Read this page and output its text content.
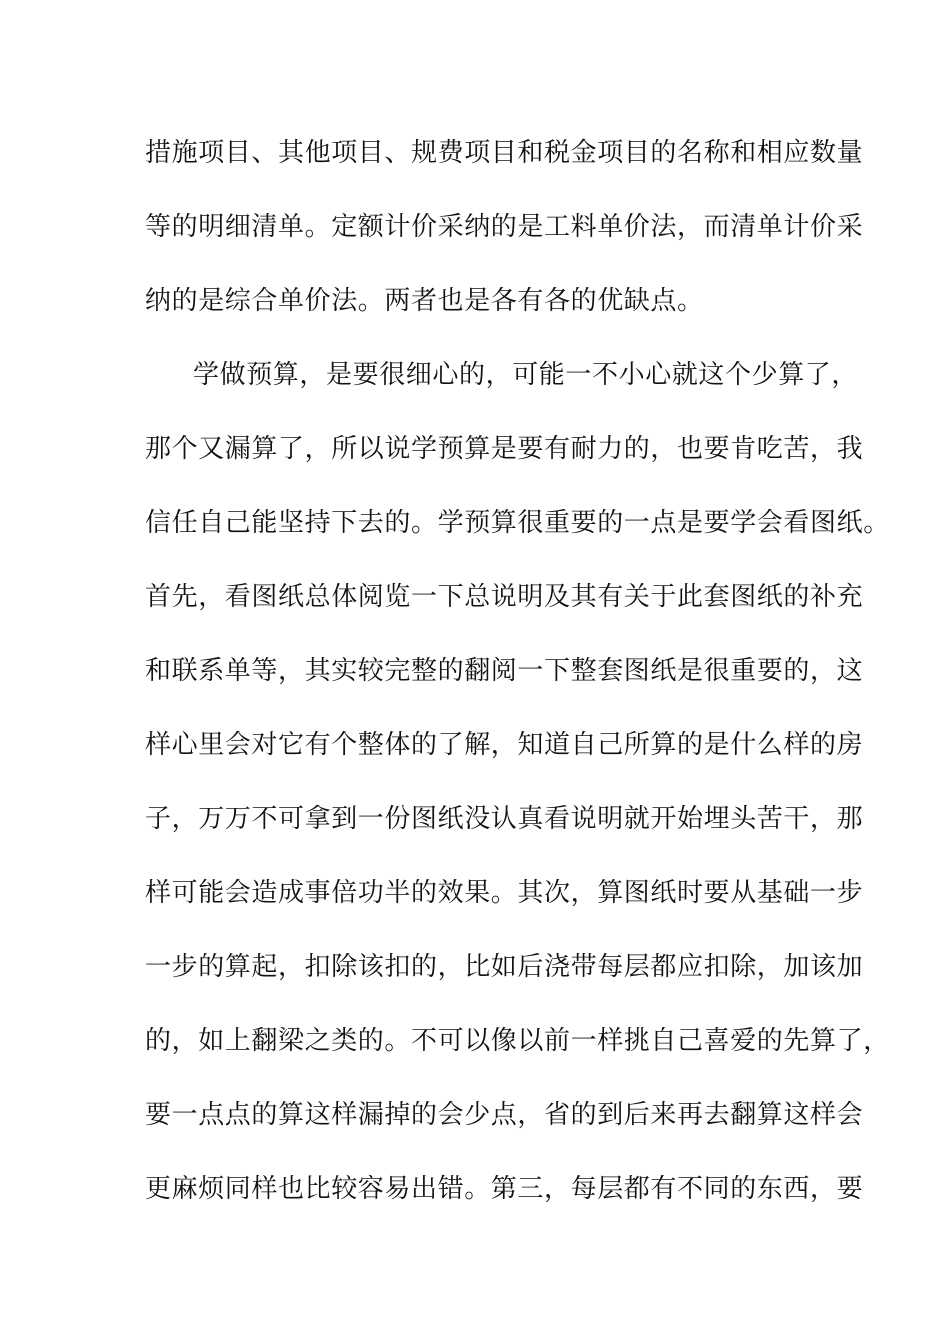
措施项目、其他项目、规费项目和税金项目的名称和相应数量

等的明细清单。定额计价采纳的是工料单价法，而清单计价采

纳的是综合单价法。两者也是各有各的优缺点。

学做预算，是要很细心的，可能一不小心就这个少算了，

那个又漏算了，所以说学预算是要有耐力的，也要肯吃苦，我

信任自己能坚持下去的。学预算很重要的一点是要学会看图纸。

首先，看图纸总体阅览一下总说明及其有关于此套图纸的补充

和联系单等，其实较完整的翻阅一下整套图纸是很重要的，这

样心里会对它有个整体的了解，知道自己所算的是什么样的房

子，万万不可拿到一份图纸没认真看说明就开始埋头苦干，那

样可能会造成事倍功半的效果。其次，算图纸时要从基础一步

一步的算起，扣除该扣的，比如后浇带每层都应扣除，加该加

的，如上翻梁之类的。不可以像以前一样挑自己喜爱的先算了，

要一点点的算这样漏掉的会少点，省的到后来再去翻算这样会

更麻烦同样也比较容易出错。第三，每层都有不同的东西，要
